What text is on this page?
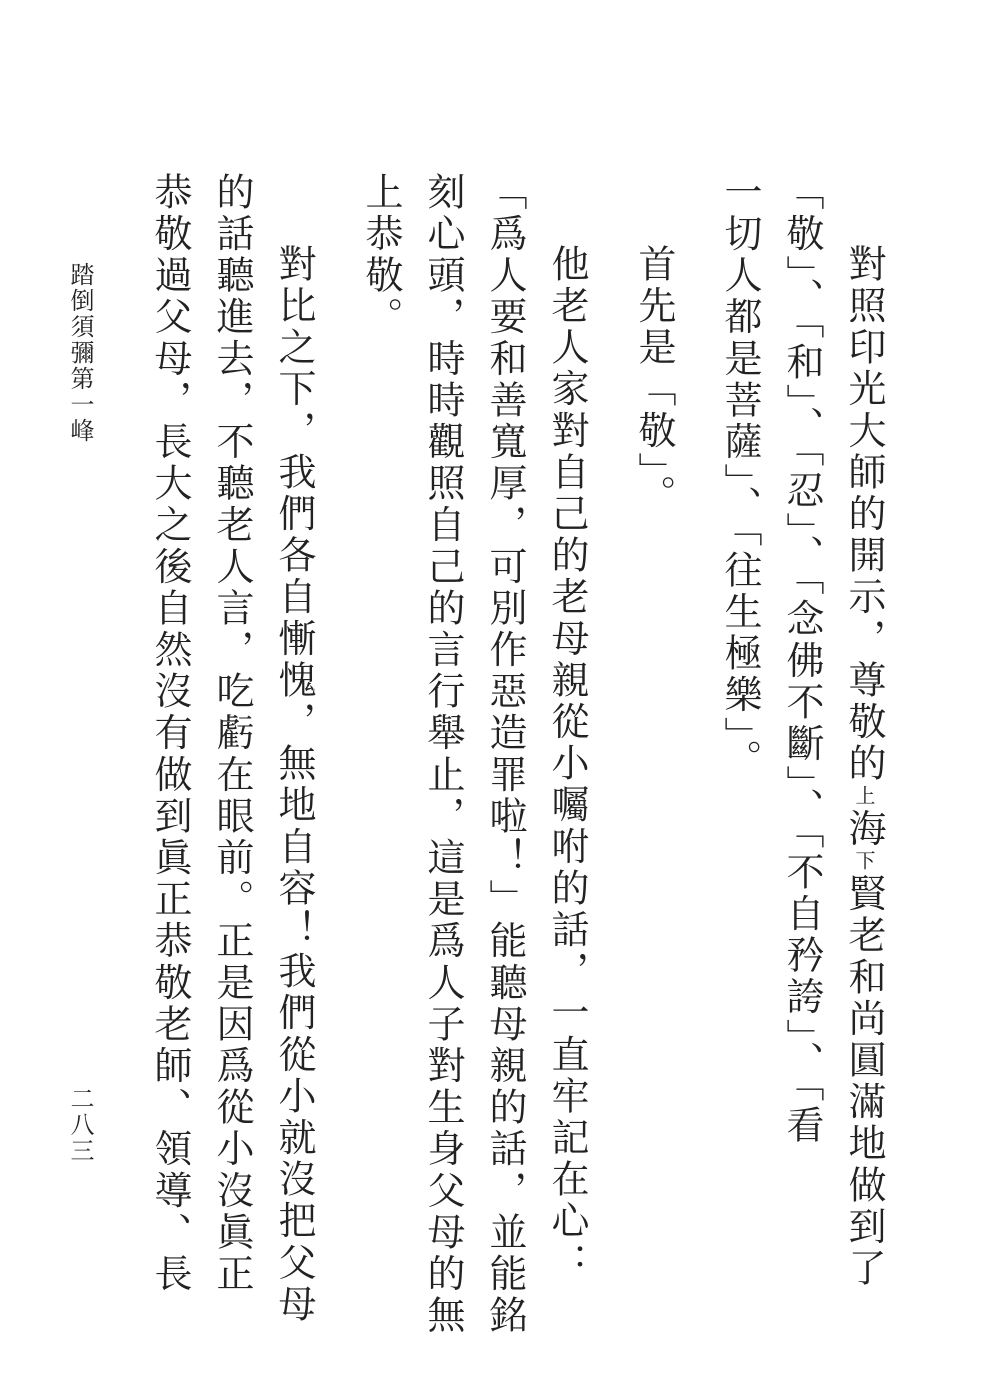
對照印光大師的開示，尊敬的上海下賢老和尚圓滿地做到了
「敬」、「和」、「忍」、「念佛不斷」、「不自矜誇」、「看
一切人都是菩薩」、「往生極樂」。
首先是「敬」。
他老人家對自己的老母親從小囑咐的話，一直牢記在心：
「爲人要和善寬厚，可別作惡造罪啦！」能聽母親的話，並能銘
刻心頭，時時觀照自己的言行舉止，這是爲人子對生身父母的無
上恭敬。
對比之下，我們各自慚愧，無地自容！我們從小就沒把父母
的話聽進去，不聽老人言，吃虧在眼前。正是因爲從小沒眞正
恭敬過父母，長大之後自然沒有做到眞正恭敬老師、領導、長
踏倒須彌第一峰
二八三
